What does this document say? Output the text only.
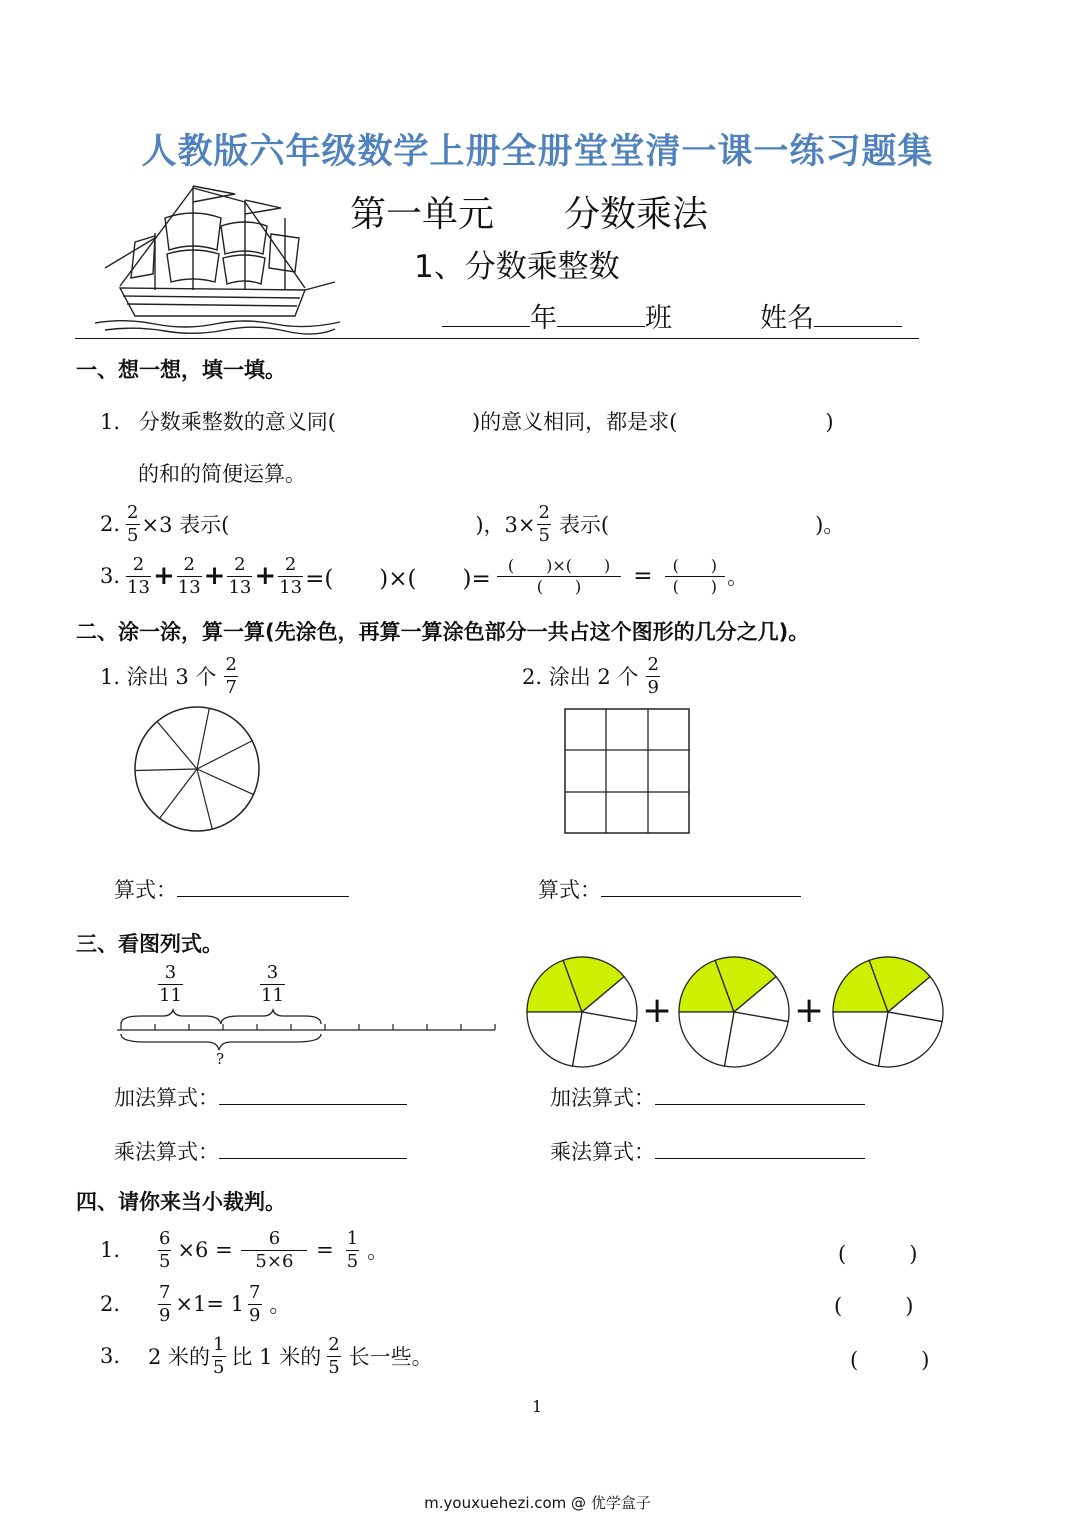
人教版六年级数学上册全册堂堂清一课一练习题集
第一单元 分数乘法
1、分数乘整数
年	班	姓名
一、想一想，填一填。
1. 分数乘整数的意义同(	)的意义相同，都是求(	)
的和的简便运算。
2. $\frac{2}{5} \times 3$ 表示(	)，$3\times \frac{2}{5}$ 表示(	)。
3. $\frac{2}{13} + \frac{2}{13} + \frac{2}{13} + \frac{2}{13}$ =(　　)×(　　)= $\frac{( )\times( )}{( )} = \frac{( )}{( )}$ 。
二、涂一涂，算一算(先涂色，再算一算涂色部分一共占这个图形的几分之几)。
1. 涂出 3 个 $\frac{2}{7}$	2. 涂出 2 个 $\frac{2}{9}$
算式：	算式：
三、看图列式。
$\frac{3}{11}$	$\frac{3}{11}$
?
+	+
加法算式：
乘法算式：
加法算式：
乘法算式：
四、请你来当小裁判。
1.	$\frac{6}{5} \times 6 = \frac{6}{5\times 6} = \frac{1}{5}$ 。	(　　　)
2.	$\frac{7}{9} \times 1= 1 \frac{7}{9}$ 。	(　　　)
3.	2 米的 $\frac{1}{5}$ 比 1 米的 $\frac{2}{5}$ 长一些。	(　　　)
1
m.youxuehezi.com @ 优学盒子
